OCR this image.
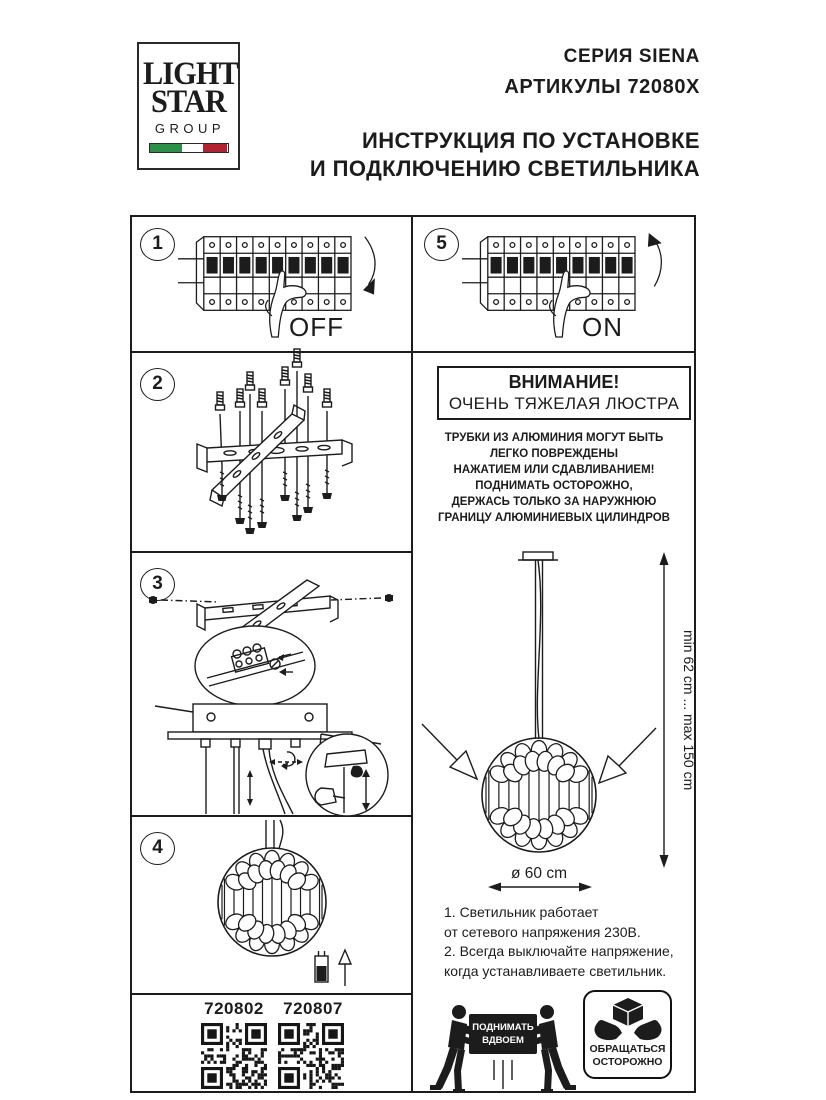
LIGHT
STAR
GROUP
СЕРИЯ SIENA
АРТИКУЛЫ 72080X
ИНСТРУКЦИЯ ПО УСТАНОВКЕ
И ПОДКЛЮЧЕНИЮ СВЕТИЛЬНИКА
1
OFF
5
ON
2
3
4
ВНИМАНИЕ!
ОЧЕНЬ ТЯЖЕЛАЯ ЛЮСТРА
ТРУБКИ ИЗ АЛЮМИНИЯ МОГУТ БЫТЬ
ЛЕГКО ПОВРЕЖДЕНЫ
НАЖАТИЕМ ИЛИ СДАВЛИВАНИЕМ!
ПОДНИМАТЬ ОСТОРОЖНО,
ДЕРЖАСЬ ТОЛЬКО ЗА НАРУЖНЮЮ
ГРАНИЦУ АЛЮМИНИЕВЫХ ЦИЛИНДРОВ
min 62 cm ... max 150 cm
ø 60 cm
1. Светильник работает
от сетевого напряжения 230В.
2. Всегда выключайте напряжение,
когда устанавливаете светильник.
720802	720807
ПОДНИМАТЬ
ВДВОЕМ
ОБРАЩАТЬСЯ
ОСТОРОЖНО
